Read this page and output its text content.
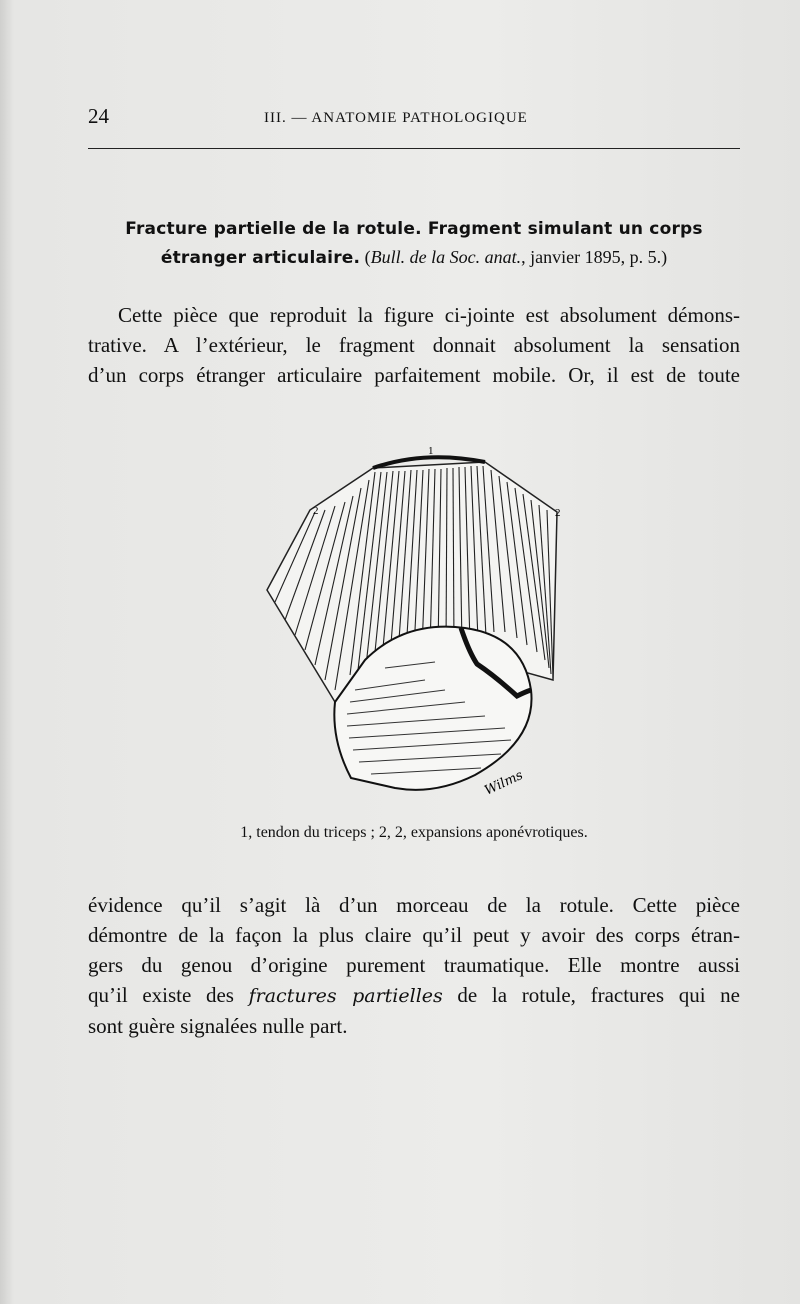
24	III. — ANATOMIE PATHOLOGIQUE
Fracture partielle de la rotule. Fragment simulant un corps étranger articulaire. (Bull. de la Soc. anat., janvier 1895, p. 5.)
Cette pièce que reproduit la figure ci-jointe est absolument démons-
trative. A l’extérieur, le fragment donnait absolument la sensation
d’un corps étranger articulaire parfaitement mobile. Or, il est de toute
1
2	2
Wilms
1, tendon du triceps ; 2, 2, expansions aponévrotiques.
évidence qu’il s’agit là d’un morceau de la rotule. Cette pièce
démontre de la façon la plus claire qu’il peut y avoir des corps étran-
gers du genou d’origine purement traumatique. Elle montre aussi
qu’il existe des fractures partielles de la rotule, fractures qui ne
sont guère signalées nulle part.
